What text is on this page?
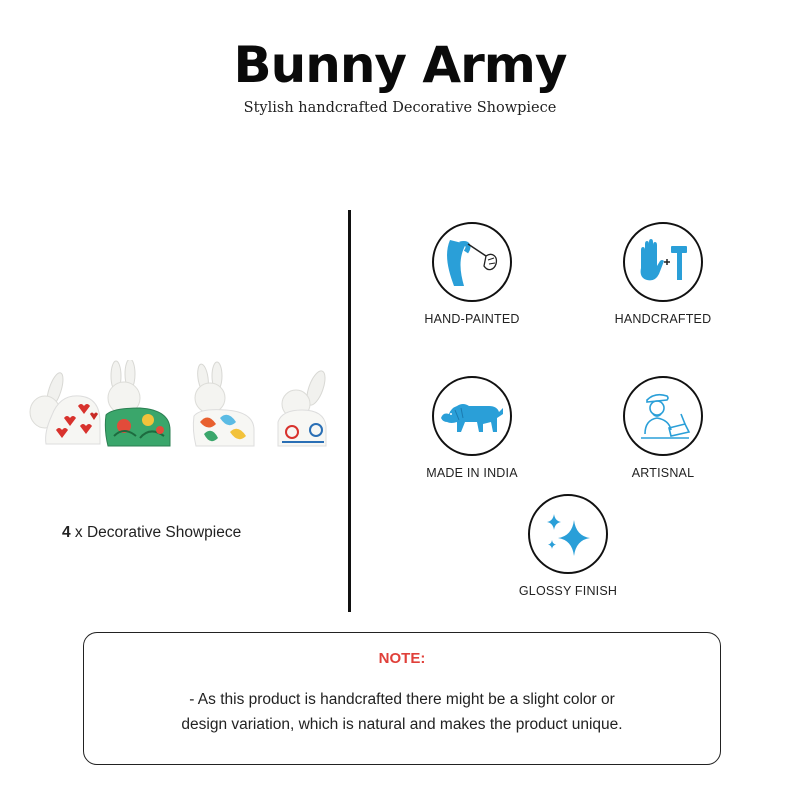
Bunny Army
Stylish handcrafted Decorative Showpiece
4 x Decorative Showpiece
HAND-PAINTED	HANDCRAFTED
MADE IN INDIA	ARTISNAL
GLOSSY FINISH
NOTE:
- As this product is handcrafted there might be a slight color or
design variation, which is natural and makes the product unique.
